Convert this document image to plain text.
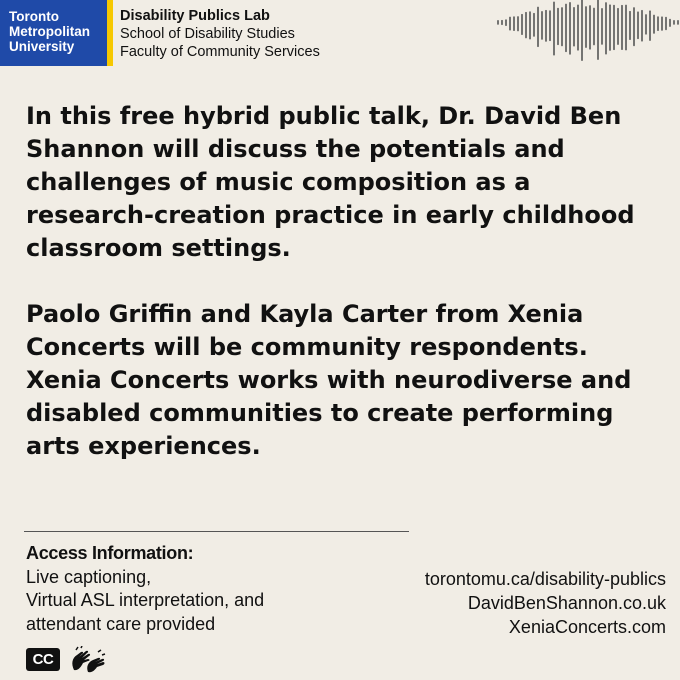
Toronto
Metropolitan
University
Disability Publics Lab
School of Disability Studies
Faculty of Community Services

In this free hybrid public talk, Dr. David Ben Shannon will discuss the potentials and challenges of music composition as a research-creation practice in early childhood classroom settings.

Paolo Griffin and Kayla Carter from Xenia Concerts will be community respondents. Xenia Concerts works with neurodiverse and disabled communities to create performing arts experiences.

Access Information:
Live captioning,
Virtual ASL interpretation, and
attendant care provided
torontomu.ca/disability-publics
DavidBenShannon.co.uk
XeniaConcerts.com
CC
